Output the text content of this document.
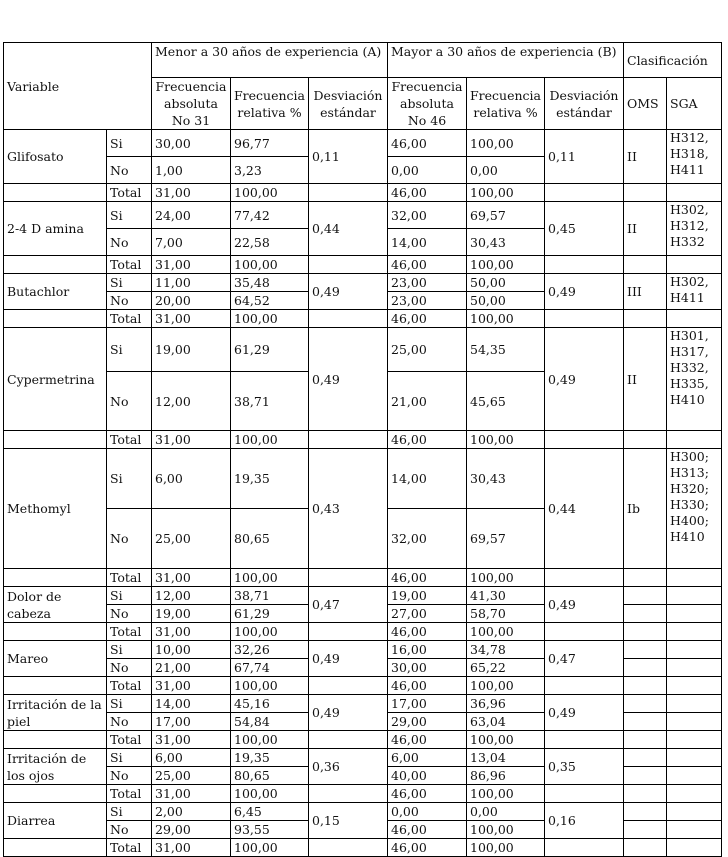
Variable		Menor a 30 años de experiencia (A)			Mayor a 30 años de experiencia (B)			Clasificación	
		Frecuencia absoluta No 31	Frecuencia relativa %	Desviación estándar	Frecuencia absoluta No 46	Frecuencia relativa %	Desviación estándar	OMS	SGA
Glifosato	Si	30,00	96,77	0,11	46,00	100,00	0,11	II	H312, H318, H411
	No	1,00	3,23		0,00	0,00			
	Total	31,00	100,00		46,00	100,00			
2-4 D amina	Si	24,00	77,42	0,44	32,00	69,57	0,45	II	H302, H312, H332
	No	7,00	22,58		14,00	30,43			
	Total	31,00	100,00		46,00	100,00			
Butachlor	Si	11,00	35,48	0,49	23,00	50,00	0,49	III	H302, H411
	No	20,00	64,52		23,00	50,00			
	Total	31,00	100,00		46,00	100,00			
Cypermetrina	Si	19,00	61,29	0,49	25,00	54,35	0,49	II	H301, H317, H332, H335, H410
	No	12,00	38,71		21,00	45,65			
	Total	31,00	100,00		46,00	100,00			
Methomyl	Si	6,00	19,35	0,43	14,00	30,43	0,44	Ib	H300; H313; H320; H330; H400; H410
	No	25,00	80,65		32,00	69,57			
	Total	31,00	100,00		46,00	100,00			
Dolor de cabeza	Si	12,00	38,71	0,47	19,00	41,30	0,49		
	No	19,00	61,29		27,00	58,70			
	Total	31,00	100,00		46,00	100,00			
Mareo	Si	10,00	32,26	0,49	16,00	34,78	0,47		
	No	21,00	67,74		30,00	65,22			
	Total	31,00	100,00		46,00	100,00			
Irritación de la piel	Si	14,00	45,16	0,49	17,00	36,96	0,49		
	No	17,00	54,84		29,00	63,04			
	Total	31,00	100,00		46,00	100,00			
Irritación de los ojos	Si	6,00	19,35	0,36	6,00	13,04	0,35		
	No	25,00	80,65		40,00	86,96			
	Total	31,00	100,00		46,00	100,00			
Diarrea	Si	2,00	6,45	0,15	0,00	0,00	0,16		
	No	29,00	93,55		46,00	100,00			
	Total	31,00	100,00		46,00	100,00			
